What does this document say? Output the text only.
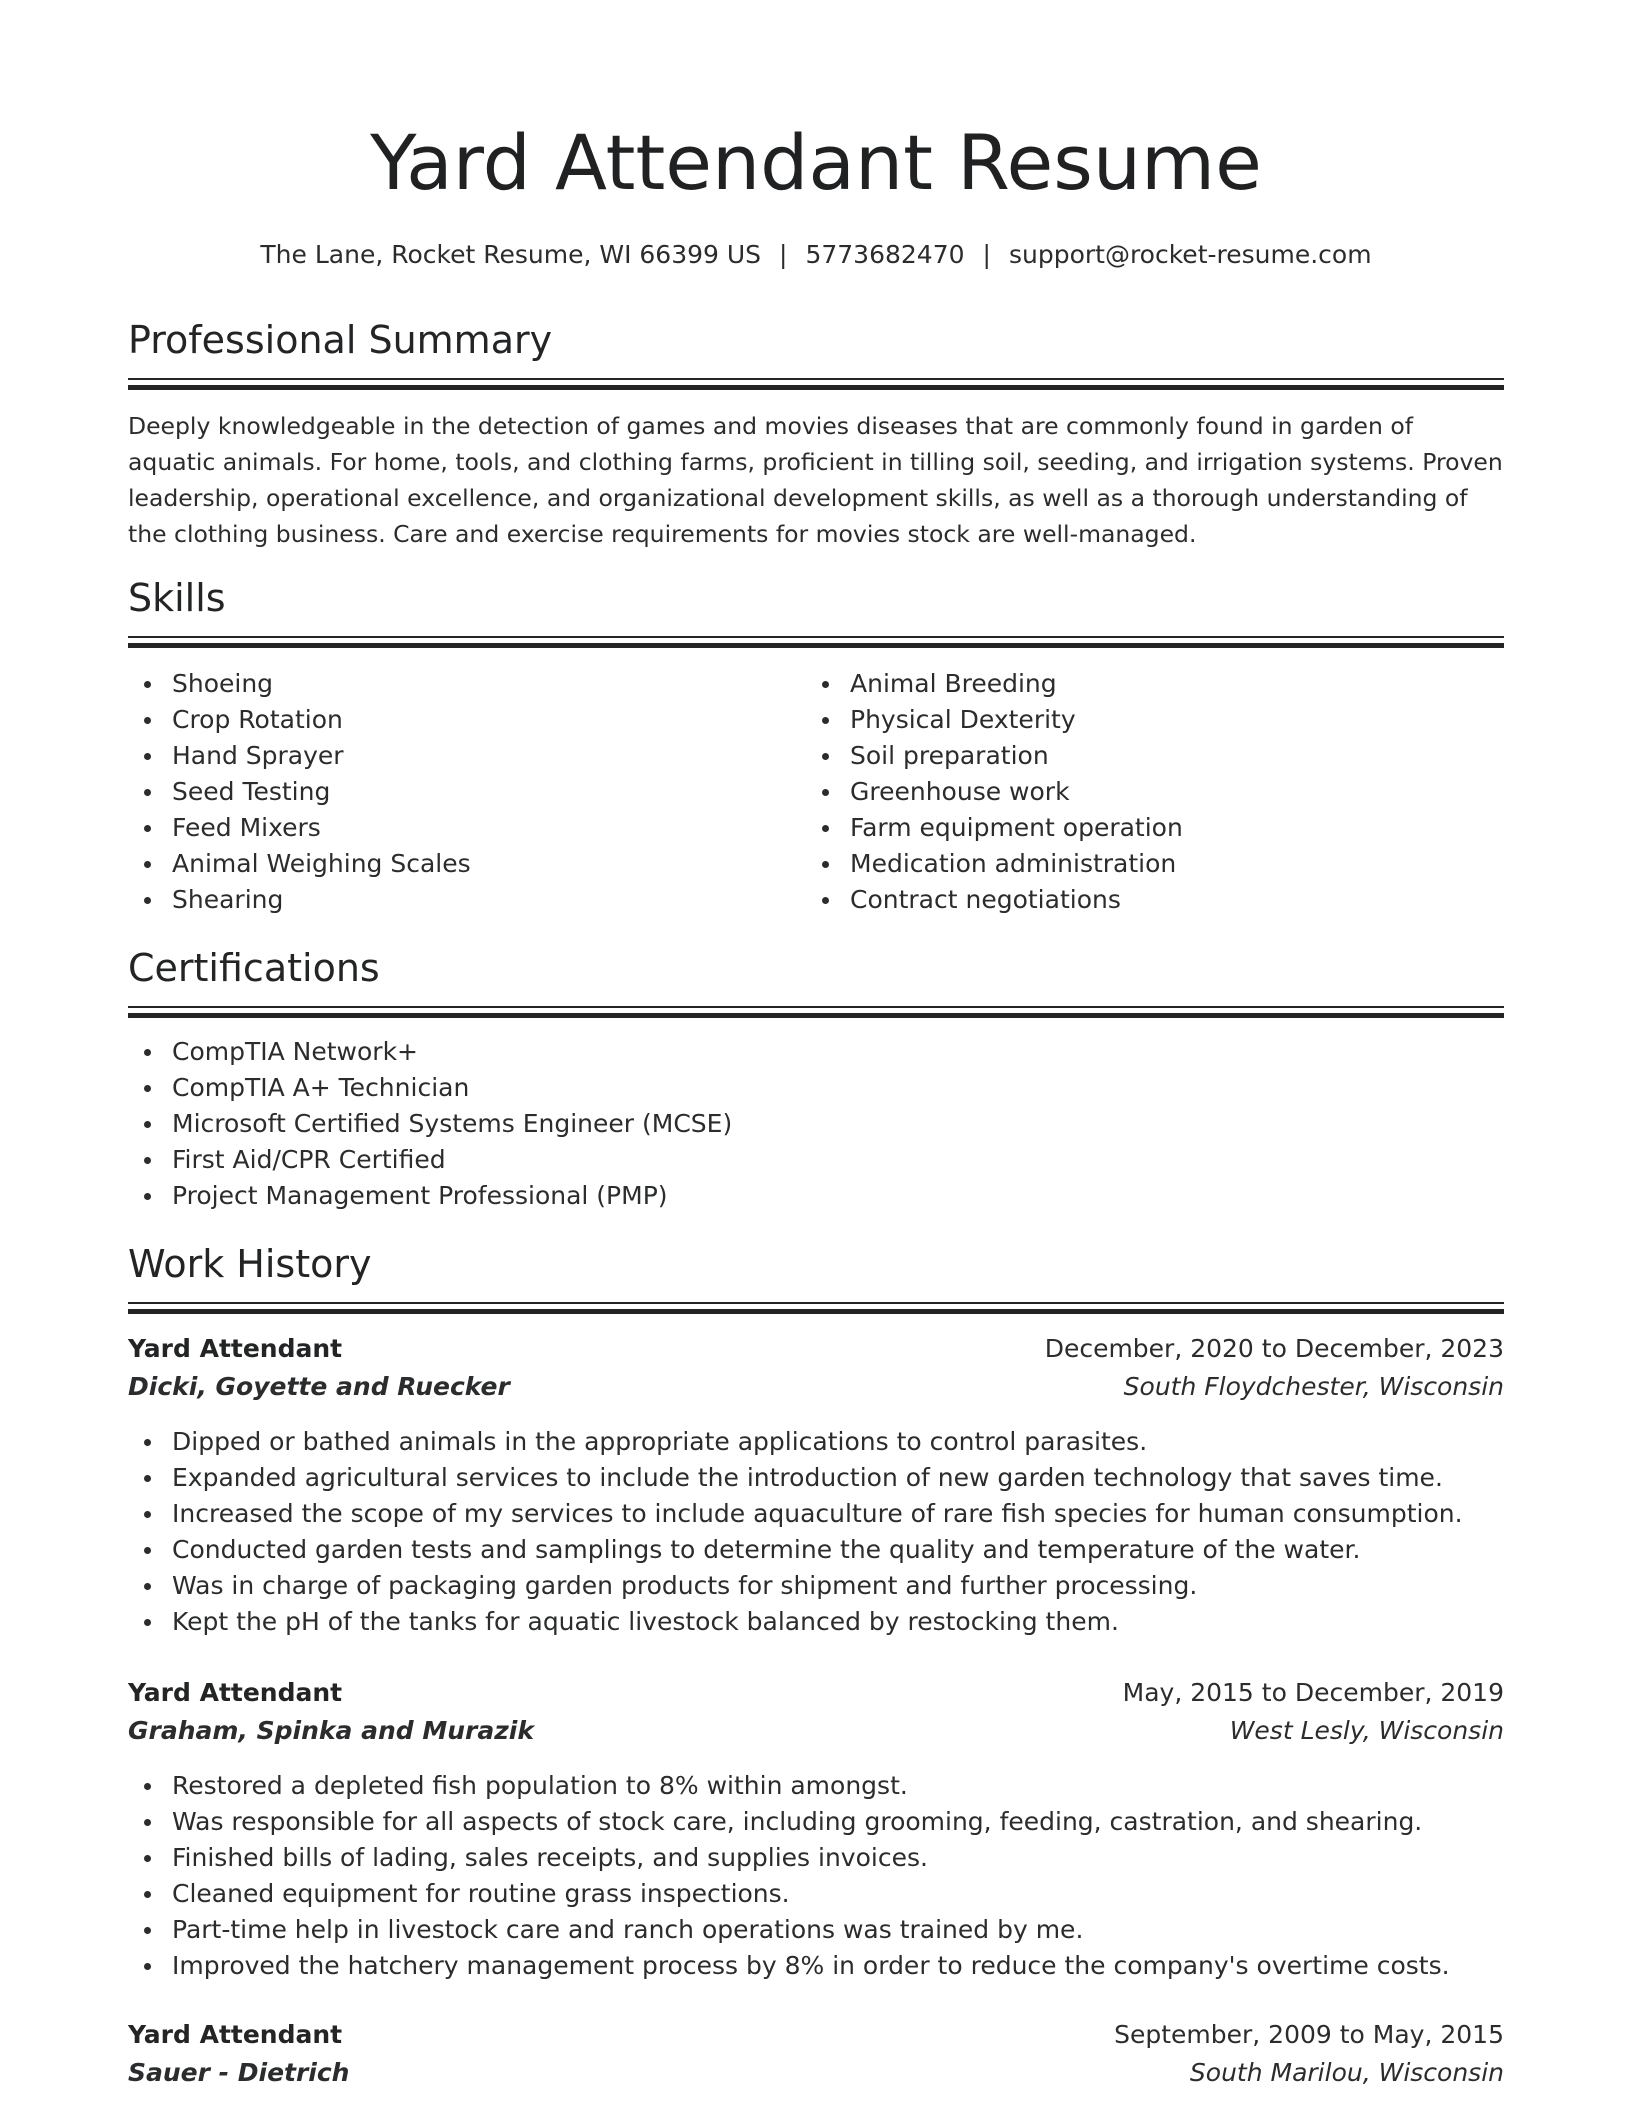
Yard Attendant Resume
The Lane, Rocket Resume, WI 66399 US | 5773682470 | support@rocket-resume.com
Professional Summary
Deeply knowledgeable in the detection of games and movies diseases that are commonly found in garden of aquatic animals. For home, tools, and clothing farms, proficient in tilling soil, seeding, and irrigation systems. Proven leadership, operational excellence, and organizational development skills, as well as a thorough understanding of the clothing business. Care and exercise requirements for movies stock are well-managed.
Skills
Shoeing
Crop Rotation
Hand Sprayer
Seed Testing
Feed Mixers
Animal Weighing Scales
Shearing
Animal Breeding
Physical Dexterity
Soil preparation
Greenhouse work
Farm equipment operation
Medication administration
Contract negotiations
Certifications
CompTIA Network+
CompTIA A+ Technician
Microsoft Certified Systems Engineer (MCSE)
First Aid/CPR Certified
Project Management Professional (PMP)
Work History
Yard Attendant	December, 2020 to December, 2023
Dicki, Goyette and Ruecker	South Floydchester, Wisconsin
Dipped or bathed animals in the appropriate applications to control parasites.
Expanded agricultural services to include the introduction of new garden technology that saves time.
Increased the scope of my services to include aquaculture of rare fish species for human consumption.
Conducted garden tests and samplings to determine the quality and temperature of the water.
Was in charge of packaging garden products for shipment and further processing.
Kept the pH of the tanks for aquatic livestock balanced by restocking them.
Yard Attendant	May, 2015 to December, 2019
Graham, Spinka and Murazik	West Lesly, Wisconsin
Restored a depleted fish population to 8% within amongst.
Was responsible for all aspects of stock care, including grooming, feeding, castration, and shearing.
Finished bills of lading, sales receipts, and supplies invoices.
Cleaned equipment for routine grass inspections.
Part-time help in livestock care and ranch operations was trained by me.
Improved the hatchery management process by 8% in order to reduce the company's overtime costs.
Yard Attendant	September, 2009 to May, 2015
Sauer - Dietrich	South Marilou, Wisconsin
